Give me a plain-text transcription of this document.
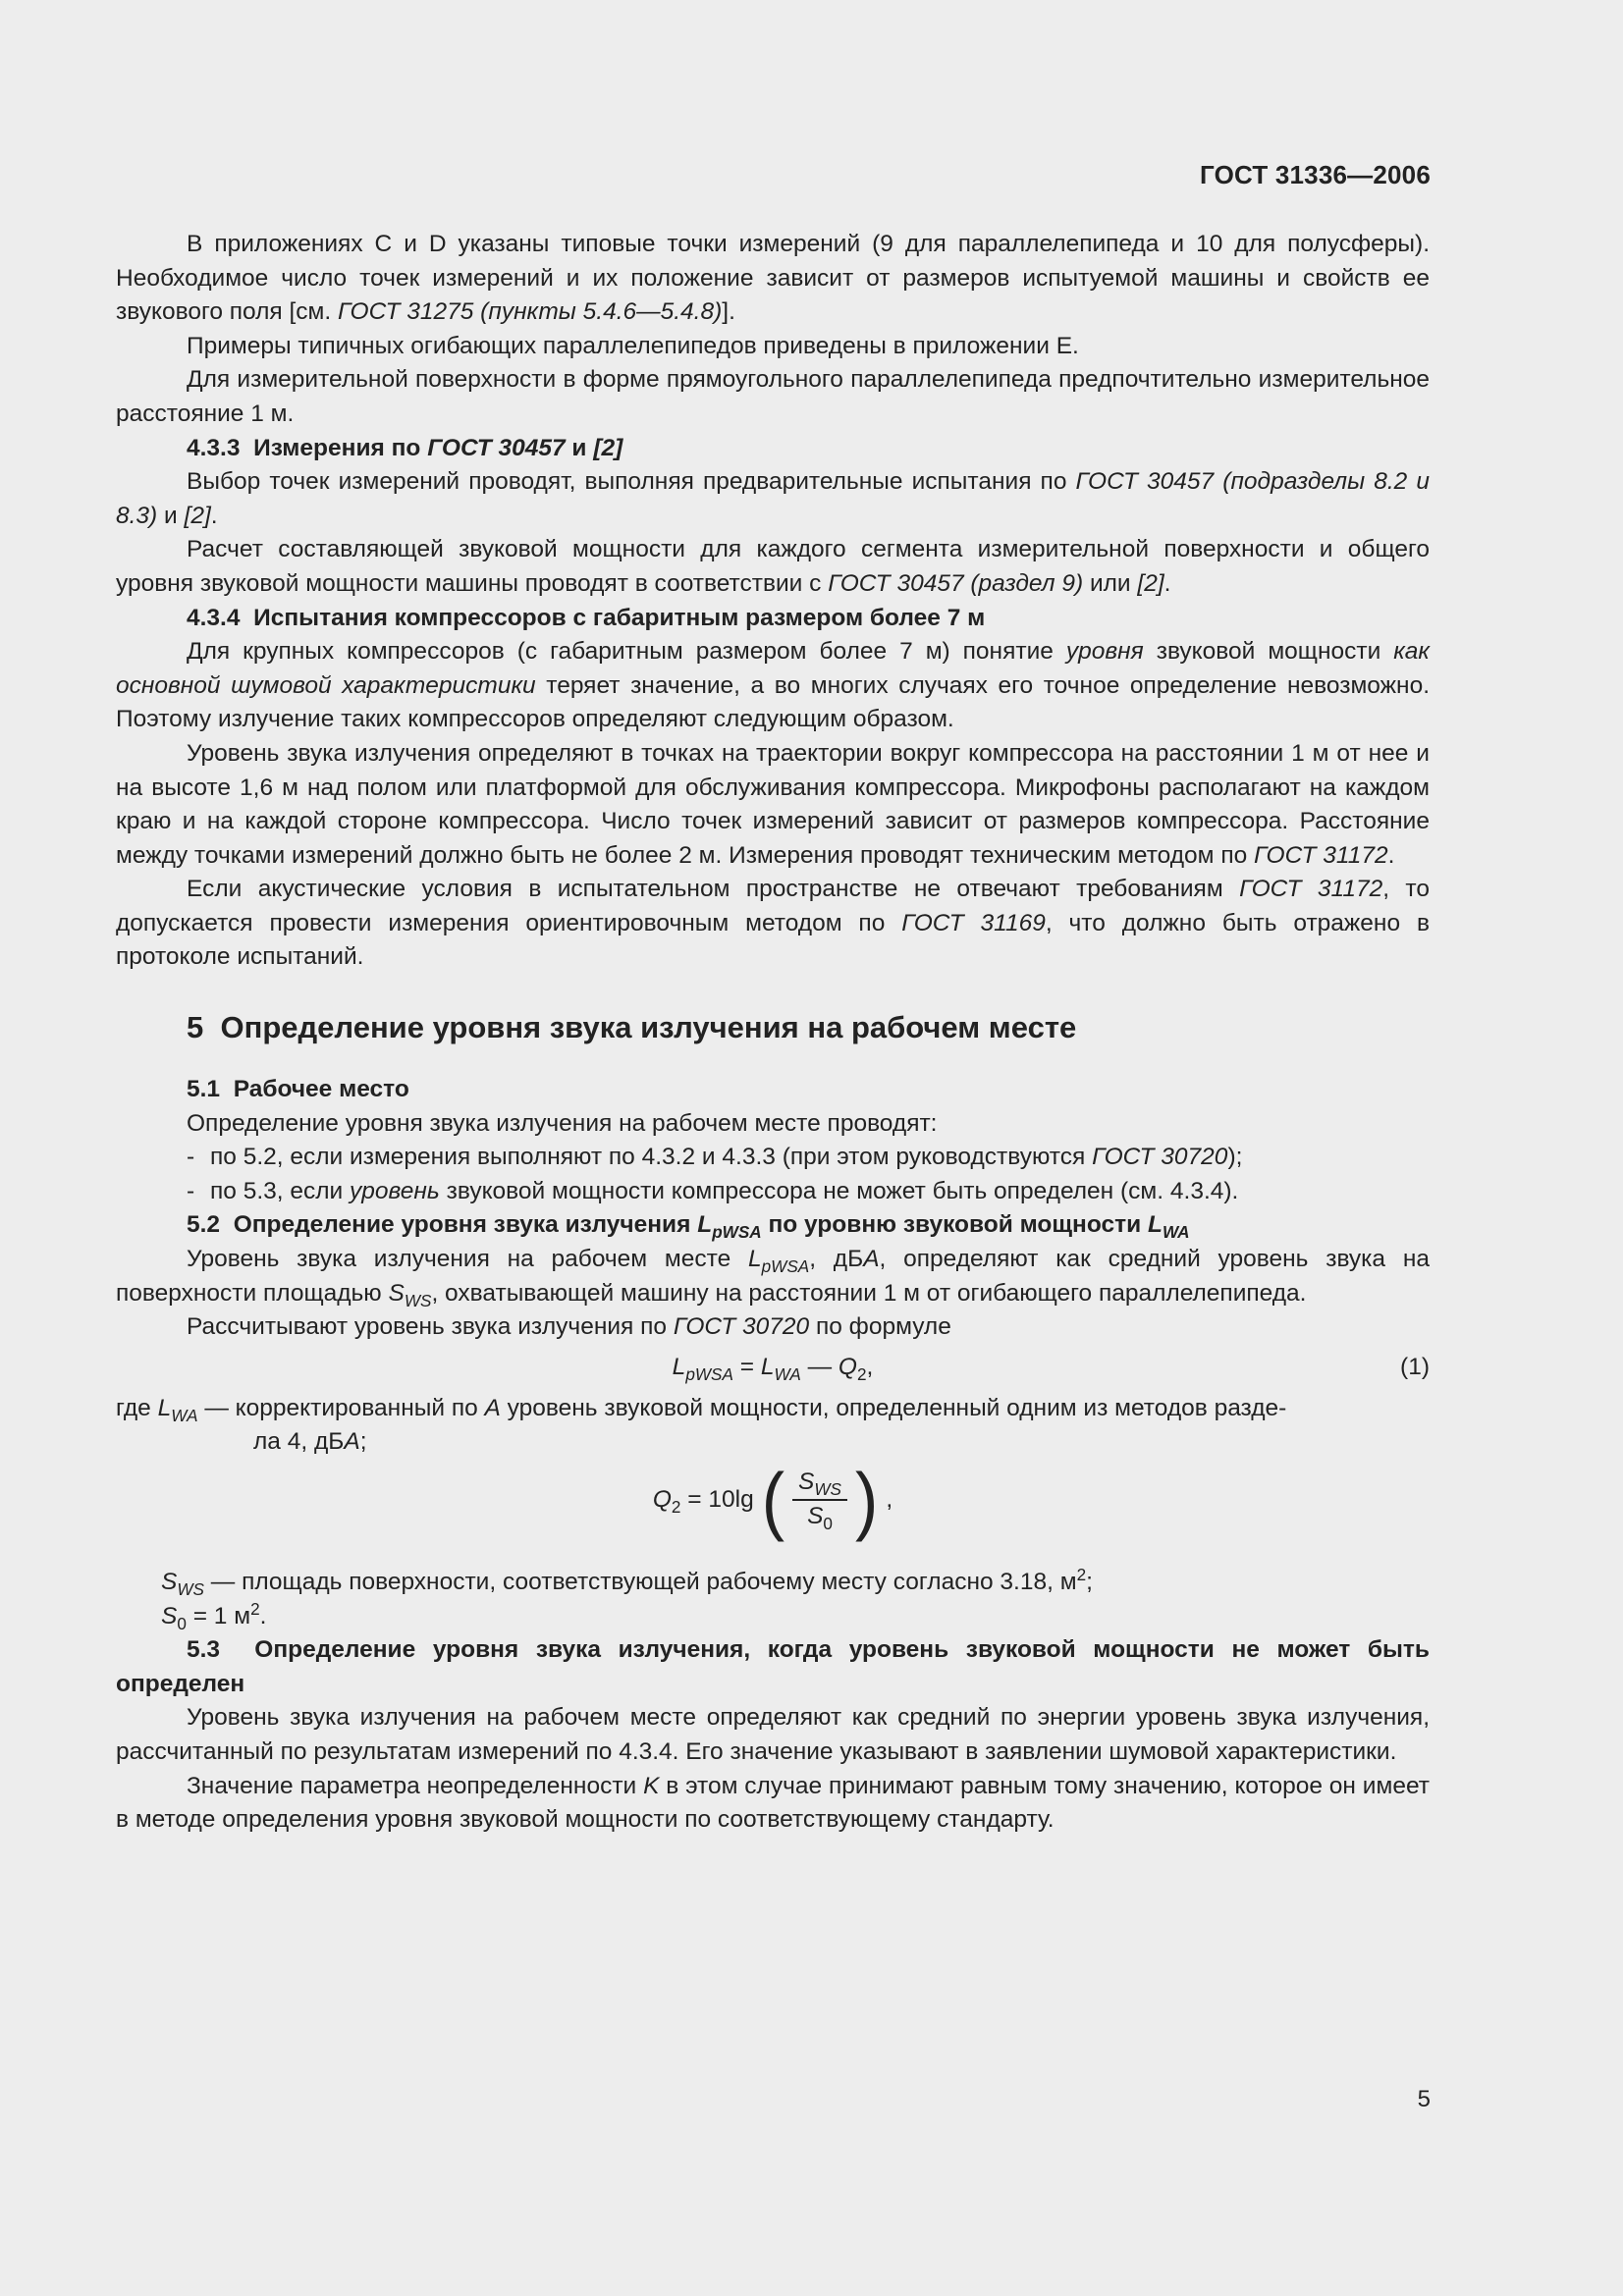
ГОСТ 31336—2006

В приложениях С и D указаны типовые точки измерений (9 для параллелепипеда и 10 для полусферы). Необходимое число точек измерений и их положение зависит от размеров испытуемой машины и свойств ее звукового поля [см. ГОСТ 31275 (пункты 5.4.6—5.4.8)].

Примеры типичных огибающих параллелепипедов приведены в приложении Е.

Для измерительной поверхности в форме прямоугольного параллелепипеда предпочтительно измерительное расстояние 1 м.

4.3.3 Измерения по ГОСТ 30457 и [2]

Выбор точек измерений проводят, выполняя предварительные испытания по ГОСТ 30457 (подразделы 8.2 и 8.3) и [2].

Расчет составляющей звуковой мощности для каждого сегмента измерительной поверхности и общего уровня звуковой мощности машины проводят в соответствии с ГОСТ 30457 (раздел 9) или [2].

4.3.4 Испытания компрессоров с габаритным размером более 7 м

Для крупных компрессоров (с габаритным размером более 7 м) понятие уровня звуковой мощности как основной шумовой характеристики теряет значение, а во многих случаях его точное определение невозможно. Поэтому излучение таких компрессоров определяют следующим образом.

Уровень звука излучения определяют в точках на траектории вокруг компрессора на расстоянии 1 м от нее и на высоте 1,6 м над полом или платформой для обслуживания компрессора. Микрофоны располагают на каждом краю и на каждой стороне компрессора. Число точек измерений зависит от размеров компрессора. Расстояние между точками измерений должно быть не более 2 м. Измерения проводят техническим методом по ГОСТ 31172.

Если акустические условия в испытательном пространстве не отвечают требованиям ГОСТ 31172, то допускается провести измерения ориентировочным методом по ГОСТ 31169, что должно быть отражено в протоколе испытаний.

5 Определение уровня звука излучения на рабочем месте

5.1 Рабочее место

Определение уровня звука излучения на рабочем месте проводят:

- по 5.2, если измерения выполняют по 4.3.2 и 4.3.3 (при этом руководствуются ГОСТ 30720);

- по 5.3, если уровень звуковой мощности компрессора не может быть определен (см. 4.3.4).

5.2 Определение уровня звука излучения $L_{pWSA}$ по уровню звуковой мощности $L_{WA}$

Уровень звука излучения на рабочем месте $L_{pWSA}$, дБА, определяют как средний уровень звука на поверхности площадью $S_{WS}$, охватывающей машину на расстоянии 1 м от огибающего параллелепипеда.

Рассчитывают уровень звука излучения по ГОСТ 30720 по формуле

$L_{pWSA} = L_{WA}$ — $Q_2$,	(1)

где $L_{WA}$ — корректированный по А уровень звуковой мощности, определенный одним из методов разде-
ла 4, дБА;

$Q_2 = 10\lg$ ( $\frac{S_{WS}}{S_0}$ ) ,

$S_{WS}$ — площадь поверхности, соответствующей рабочему месту согласно 3.18, $м^2$;

$S_0 = 1$ $м^2$.

5.3 Определение уровня звука излучения, когда уровень звуковой мощности не может быть определен

Уровень звука излучения на рабочем месте определяют как средний по энергии уровень звука излучения, рассчитанный по результатам измерений по 4.3.4. Его значение указывают в заявлении шумовой характеристики.

Значение параметра неопределенности K в этом случае принимают равным тому значению, которое он имеет в методе определения уровня звуковой мощности по соответствующему стандарту.

5
